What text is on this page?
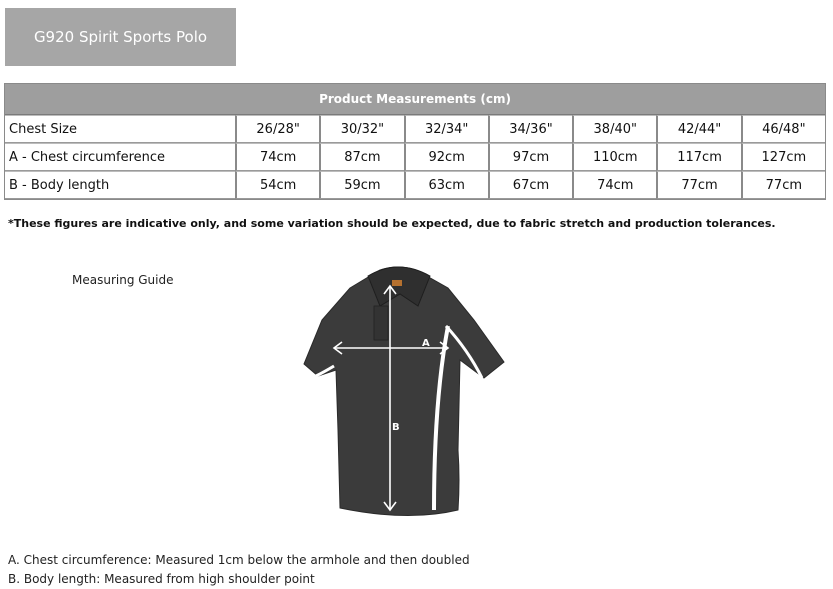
G920 Spirit Sports Polo
Product Measurements (cm)							
Chest Size	26/28"	30/32"	32/34"	34/36"	38/40"	42/44"	46/48"
A - Chest circumference	74cm	87cm	92cm	97cm	110cm	117cm	127cm
B - Body length	54cm	59cm	63cm	67cm	74cm	77cm	77cm
*These figures are indicative only, and some variation should be expected, due to fabric stretch and production tolerances.
Measuring Guide
A
B
A. Chest circumference: Measured 1cm below the armhole and then doubled
B. Body length: Measured from high shoulder point
